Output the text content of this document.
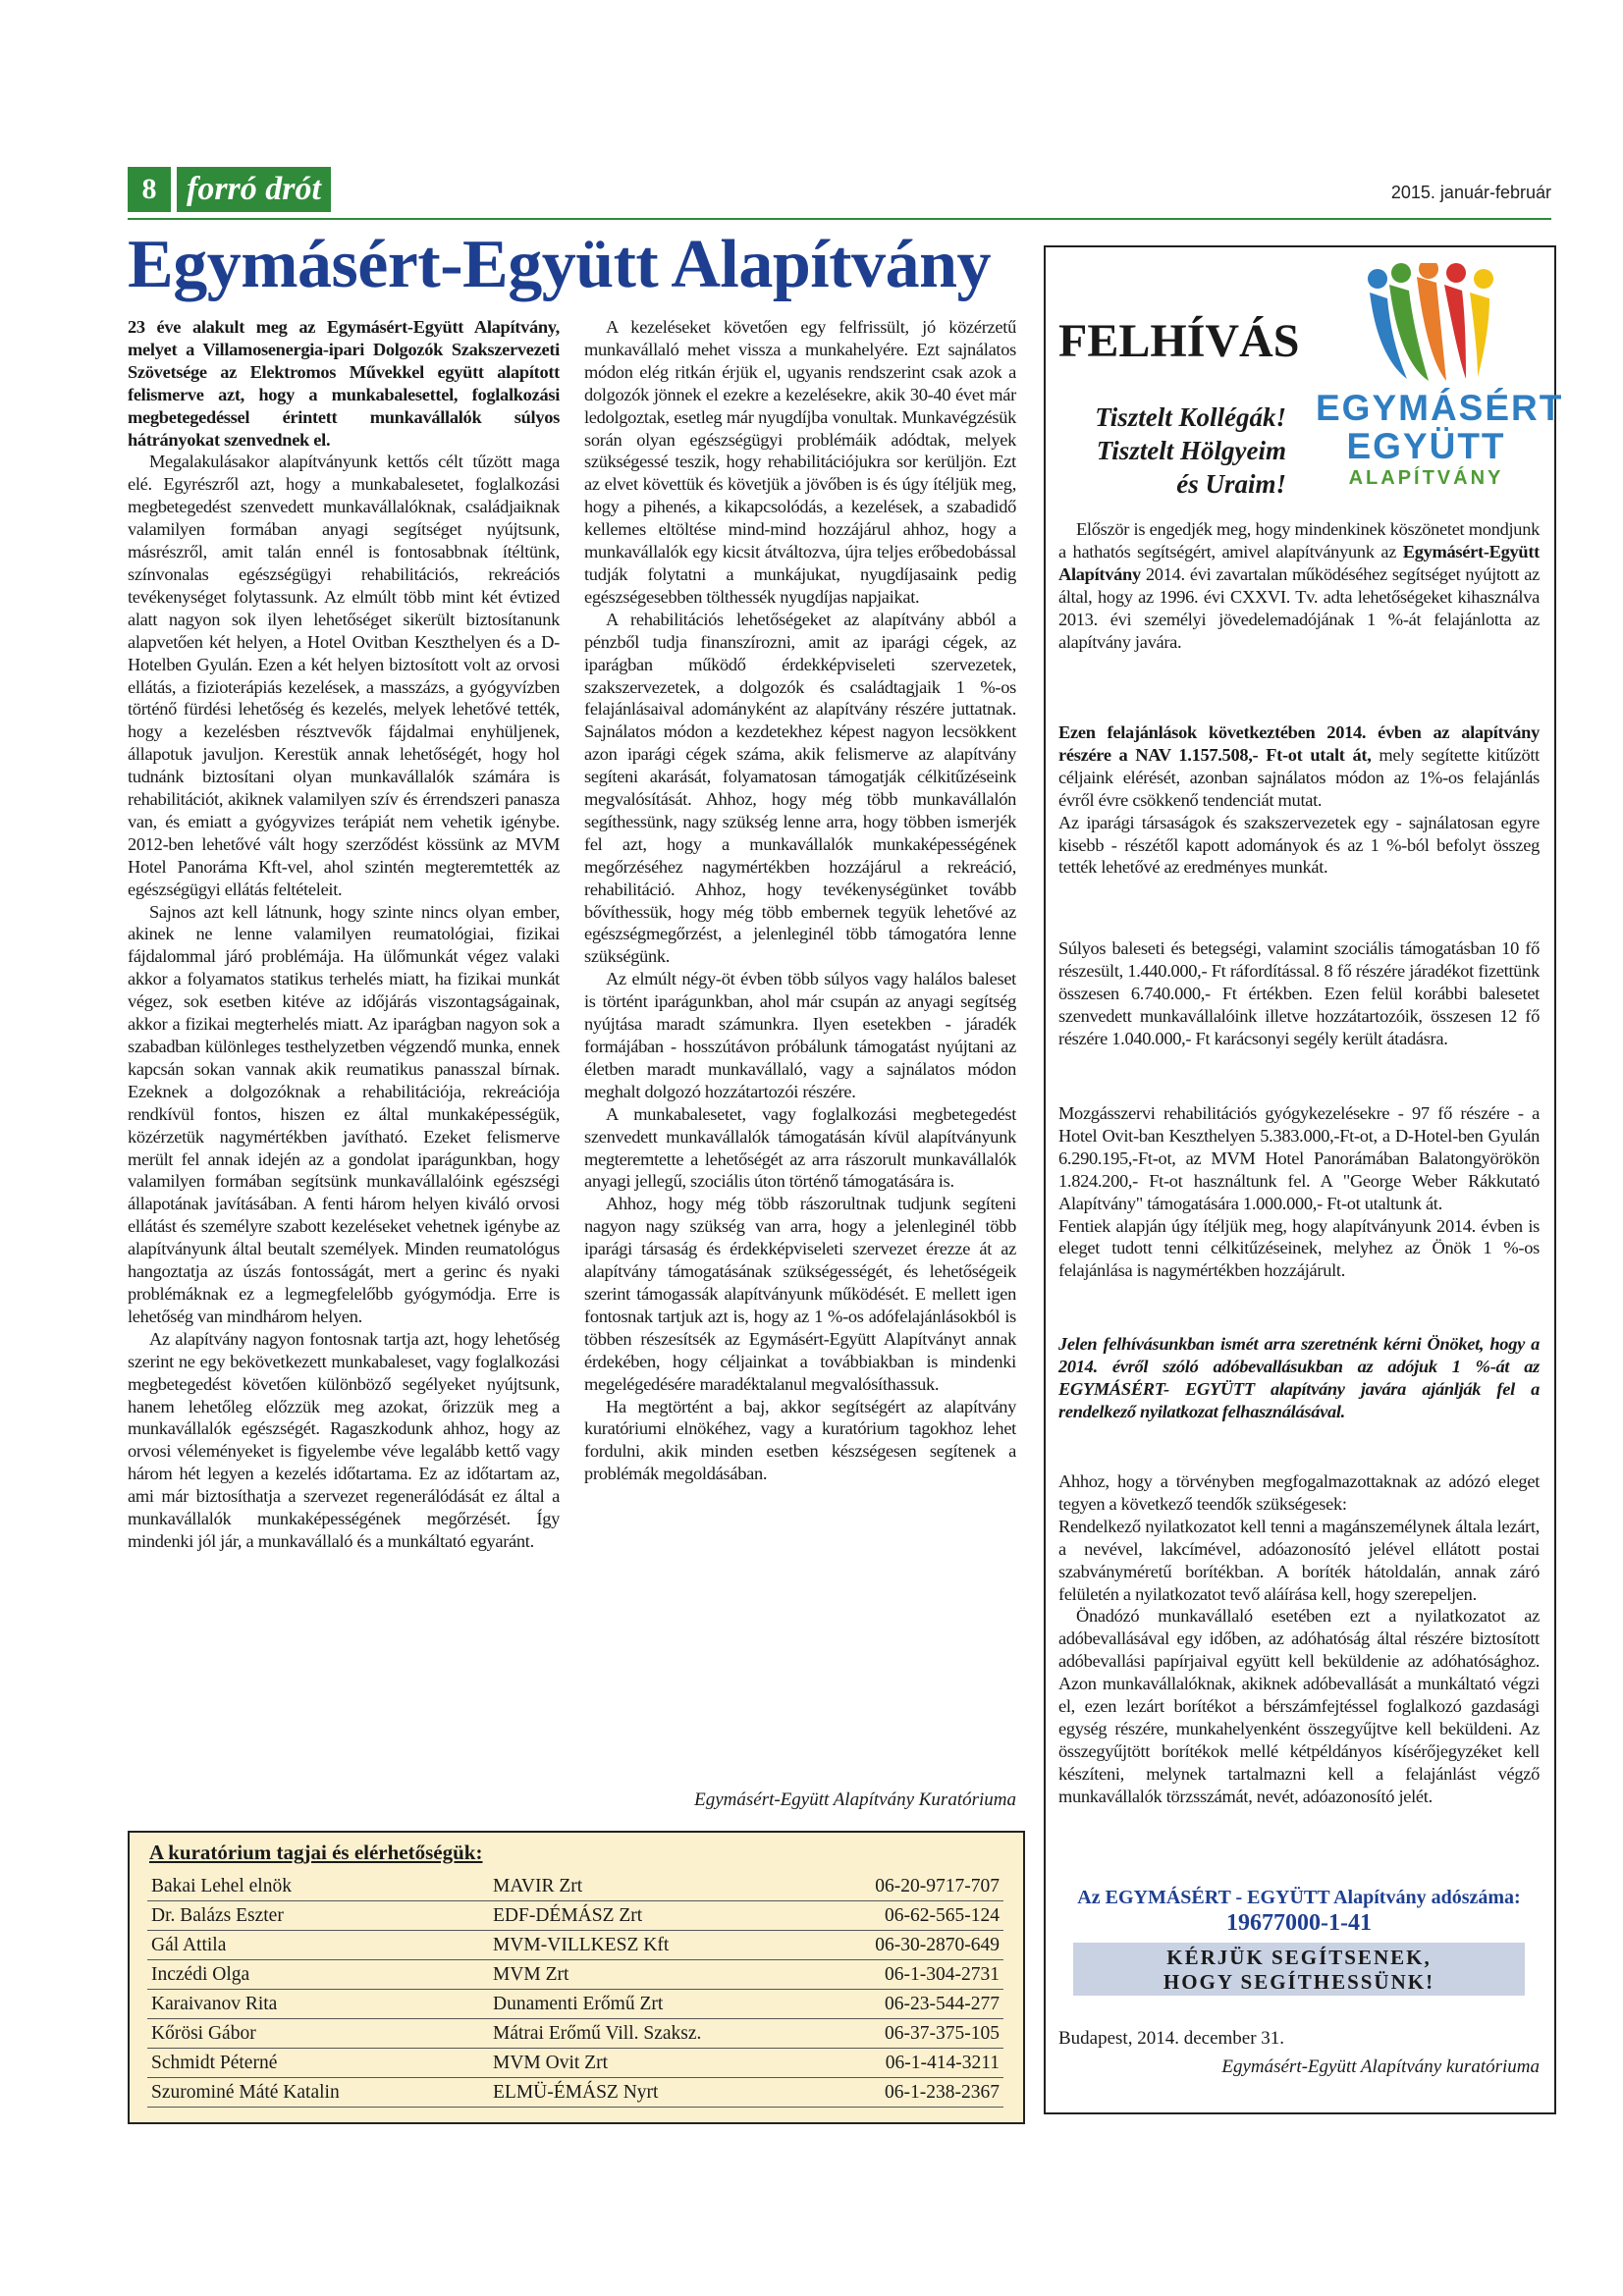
8 forró drót	2015. január-február
Egymásért-Együtt Alapítvány

23 éve alakult meg az Egymásért-Együtt Alapítvány, melyet a Villamosenergia-ipari Dolgozók Szakszervezeti Szövetsége az Elektromos Művekkel együtt alapított felismerve azt, hogy a munkabalesettel, foglalkozási megbetegedéssel érintett munkavállalók súlyos hátrányokat szenvednek el.

Megalakulásakor alapítványunk kettős célt tűzött maga elé. Egyrészről azt, hogy a munkabalesetet, foglalkozási megbetegedést szenvedett munkavállalóknak, családjaiknak valamilyen formában anyagi segítséget nyújtsunk, másrészről, amit talán ennél is fontosabbnak ítéltünk, színvonalas egészségügyi rehabilitációs, rekreációs tevékenységet folytassunk. Az elmúlt több mint két évtized alatt nagyon sok ilyen lehetőséget sikerült biztosítanunk alapvetően két helyen, a Hotel Ovitban Keszthelyen és a D-Hotelben Gyulán. Ezen a két helyen biztosított volt az orvosi ellátás, a fizioterápiás kezelések, a masszázs, a gyógyvízben történő fürdési lehetőség és kezelés, melyek lehetővé tették, hogy a kezelésben résztvevők fájdalmai enyhüljenek, állapotuk javuljon. Kerestük annak lehetőségét, hogy hol tudnánk biztosítani olyan munkavállalók számára is rehabilitációt, akiknek valamilyen szív és érrendszeri panasza van, és emiatt a gyógyvizes terápiát nem vehetik igénybe. 2012-ben lehetővé vált hogy szerződést kössünk az MVM Hotel Panoráma Kft-vel, ahol szintén megteremtették az egészségügyi ellátás feltételeit.

Sajnos azt kell látnunk, hogy szinte nincs olyan ember, akinek ne lenne valamilyen reumatológiai, fizikai fájdalommal járó problémája. Ha ülőmunkát végez valaki akkor a folyamatos statikus terhelés miatt, ha fizikai munkát végez, sok esetben kitéve az időjárás viszontagságainak, akkor a fizikai megterhelés miatt. Az iparágban nagyon sok a szabadban különleges testhelyzetben végzendő munka, ennek kapcsán sokan vannak akik reumatikus panasszal bírnak. Ezeknek a dolgozóknak a rehabilitációja, rekreációja rendkívül fontos, hiszen ez által munkaképességük, közérzetük nagymértékben javítható. Ezeket felismerve merült fel annak idején az a gondolat iparágunkban, hogy valamilyen formában segítsünk munkavállalóink egészségi állapotának javításában. A fenti három helyen kiváló orvosi ellátást és személyre szabott kezeléseket vehetnek igénybe az alapítványunk által beutalt személyek. Minden reumatológus hangoztatja az úszás fontosságát, mert a gerinc és nyaki problémáknak ez a legmegfelelőbb gyógymódja. Erre is lehetőség van mindhárom helyen.

Az alapítvány nagyon fontosnak tartja azt, hogy lehetőség szerint ne egy bekövetkezett munkabaleset, vagy foglalkozási megbetegedést követően különböző segélyeket nyújtsunk, hanem lehetőleg előzzük meg azokat, őrizzük meg a munkavállalók egészségét. Ragaszkodunk ahhoz, hogy az orvosi véleményeket is figyelembe véve legalább kettő vagy három hét legyen a kezelés időtartama. Ez az időtartam az, ami már biztosíthatja a szervezet regenerálódását ez által a munkavállalók munkaképességének megőrzését. Így mindenki jól jár, a munkavállaló és a munkáltató egyaránt.

A kezeléseket követően egy felfrissült, jó közérzetű munkavállaló mehet vissza a munkahelyére. Ezt sajnálatos módon elég ritkán érjük el, ugyanis rendszerint csak azok a dolgozók jönnek el ezekre a kezelésekre, akik 30-40 évet már ledolgoztak, esetleg már nyugdíjba vonultak. Munkavégzésük során olyan egészségügyi problémáik adódtak, melyek szükségessé teszik, hogy rehabilitációjukra sor kerüljön. Ezt az elvet követtük és követjük a jövőben is és úgy ítéljük meg, hogy a pihenés, a kikapcsolódás, a kezelések, a szabadidő kellemes eltöltése mind-mind hozzájárul ahhoz, hogy a munkavállalók egy kicsit átváltozva, újra teljes erőbedobással tudják folytatni a munkájukat, nyugdíjasaink pedig egészségesebben tölthessék nyugdíjas napjaikat.

A rehabilitációs lehetőségeket az alapítvány abból a pénzből tudja finanszírozni, amit az iparági cégek, az iparágban működő érdekképviseleti szervezetek, szakszervezetek, a dolgozók és családtagjaik 1 %-os felajánlásaival adományként az alapítvány részére juttatnak. Sajnálatos módon a kezdetekhez képest nagyon lecsökkent azon iparági cégek száma, akik felismerve az alapítvány segíteni akarását, folyamatosan támogatják célkitűzéseink megvalósítását. Ahhoz, hogy még több munkavállalón segíthessünk, nagy szükség lenne arra, hogy többen ismerjék fel azt, hogy a munkavállalók munkaképességének megőrzéséhez nagymértékben hozzájárul a rekreáció, rehabilitáció. Ahhoz, hogy tevékenységünket tovább bővíthessük, hogy még több embernek tegyük lehetővé az egészségmegőrzést, a jelenleginél több támogatóra lenne szükségünk.

Az elmúlt négy-öt évben több súlyos vagy halálos baleset is történt iparágunkban, ahol már csupán az anyagi segítség nyújtása maradt számunkra. Ilyen esetekben - járadék formájában - hosszútávon próbálunk támogatást nyújtani az életben maradt munkavállaló, vagy a sajnálatos módon meghalt dolgozó hozzátartozói részére.

A munkabalesetet, vagy foglalkozási megbetegedést szenvedett munkavállalók támogatásán kívül alapítványunk megteremtette a lehetőségét az arra rászorult munkavállalók anyagi jellegű, szociális úton történő támogatására is.

Ahhoz, hogy még több rászorultnak tudjunk segíteni nagyon nagy szükség van arra, hogy a jelenleginél több iparági társaság és érdekképviseleti szervezet érezze át az alapítvány támogatásának szükségességét, és lehetőségeik szerint támogassák alapítványunk működését. E mellett igen fontosnak tartjuk azt is, hogy az 1 %-os adófelajánlásokból is többen részesítsék az Egymásért-Együtt Alapítványt annak érdekében, hogy céljainkat a továbbiakban is mindenki megelégedésére maradéktalanul megvalósíthassuk.

Ha megtörtént a baj, akkor segítségért az alapítvány kuratóriumi elnökéhez, vagy a kuratórium tagokhoz lehet fordulni, akik minden esetben készségesen segítenek a problémák megoldásában.

Egymásért-Együtt Alapítvány Kuratóriuma
A kuratórium tagjai és elérhetőségük:
Bakai Lehel elnök	MAVIR Zrt	06-20-9717-707
Dr. Balázs Eszter	EDF-DÉMÁSZ Zrt	06-62-565-124
Gál Attila	MVM-VILLKESZ Kft	06-30-2870-649
Inczédi Olga	MVM Zrt	06-1-304-2731
Karaivanov Rita	Dunamenti Erőmű Zrt	06-23-544-277
Kőrösi Gábor	Mátrai Erőmű Vill. Szaksz.	06-37-375-105
Schmidt Péterné	MVM Ovit Zrt	06-1-414-3211
Szurominé Máté Katalin	ELMÜ-ÉMÁSZ Nyrt	06-1-238-2367
FELHÍVÁS
Tisztelt Kollégák!
Tisztelt Hölgyeim
és Uraim!
EGYMÁSÉRT
EGYÜTT
ALAPÍTVÁNY

Először is engedjék meg, hogy mindenkinek köszönetet mondjunk a hathatós segítségért, amivel alapítványunk az Egymásért-Együtt Alapítvány 2014. évi zavartalan működéséhez segítséget nyújtott az által, hogy az 1996. évi CXXVI. Tv. adta lehetőségeket kihasználva 2013. évi személyi jövedelemadójának 1 %-át felajánlotta az alapítvány javára.

Ezen felajánlások következtében 2014. évben az alapítvány részére a NAV 1.157.508,- Ft-ot utalt át, mely segítette kitűzött céljaink elérését, azonban sajnálatos módon az 1%-os felajánlás évről évre csökkenő tendenciát mutat.

Az iparági társaságok és szakszervezetek egy - sajnálatosan egyre kisebb - részétől kapott adományok és az 1 %-ból befolyt összeg tették lehetővé az eredményes munkát.

Súlyos baleseti és betegségi, valamint szociális támogatásban 10 fő részesült, 1.440.000,- Ft ráfordítással. 8 fő részére járadékot fizettünk összesen 6.740.000,- Ft értékben. Ezen felül korábbi balesetet szenvedett munkavállalóink illetve hozzátartozóik, összesen 12 fő részére 1.040.000,- Ft karácsonyi segély került átadásra.

Mozgásszervi rehabilitációs gyógykezelésekre - 97 fő részére - a Hotel Ovit-ban Keszthelyen 5.383.000,-Ft-ot, a D-Hotel-ben Gyulán 6.290.195,-Ft-ot, az MVM Hotel Panorámában Balatongyörökön 1.824.200,- Ft-ot használtunk fel. A "George Weber Rákkutató Alapítvány" támogatására 1.000.000,- Ft-ot utaltunk át.

Fentiek alapján úgy ítéljük meg, hogy alapítványunk 2014. évben is eleget tudott tenni célkitűzéseinek, melyhez az Önök 1 %-os felajánlása is nagymértékben hozzájárult.

Jelen felhívásunkban ismét arra szeretnénk kérni Önöket, hogy a 2014. évről szóló adóbevallásukban az adójuk 1 %-át az EGYMÁSÉRT- EGYÜTT alapítvány javára ajánlják fel a rendelkező nyilatkozat felhasználásával.

Ahhoz, hogy a törvényben megfogalmazottaknak az adózó eleget tegyen a következő teendők szükségesek:

Rendelkező nyilatkozatot kell tenni a magánszemélynek általa lezárt, a nevével, lakcímével, adóazonosító jelével ellátott postai szabványméretű borítékban. A boríték hátoldalán, annak záró felületén a nyilatkozatot tevő aláírása kell, hogy szerepeljen.

Önadózó munkavállaló esetében ezt a nyilatkozatot az adóbevallásával egy időben, az adóhatóság által részére biztosított adóbevallási papírjaival együtt kell beküldenie az adóhatósághoz. Azon munkavállalóknak, akiknek adóbevallását a munkáltató végzi el, ezen lezárt borítékot a bérszámfejtéssel foglalkozó gazdasági egység részére, munkahelyenként összegyűjtve kell beküldeni. Az összegyűjtött borítékok mellé kétpéldányos kísérőjegyzéket kell készíteni, melynek tartalmazni kell a felajánlást végző munkavállalók törzsszámát, nevét, adóazonosító jelét.

Az EGYMÁSÉRT - EGYÜTT Alapítvány adószáma:
19677000-1-41
KÉRJÜK SEGÍTSENEK,
HOGY SEGÍTHESSÜNK!
Budapest, 2014. december 31.
Egymásért-Együtt Alapítvány kuratóriuma
